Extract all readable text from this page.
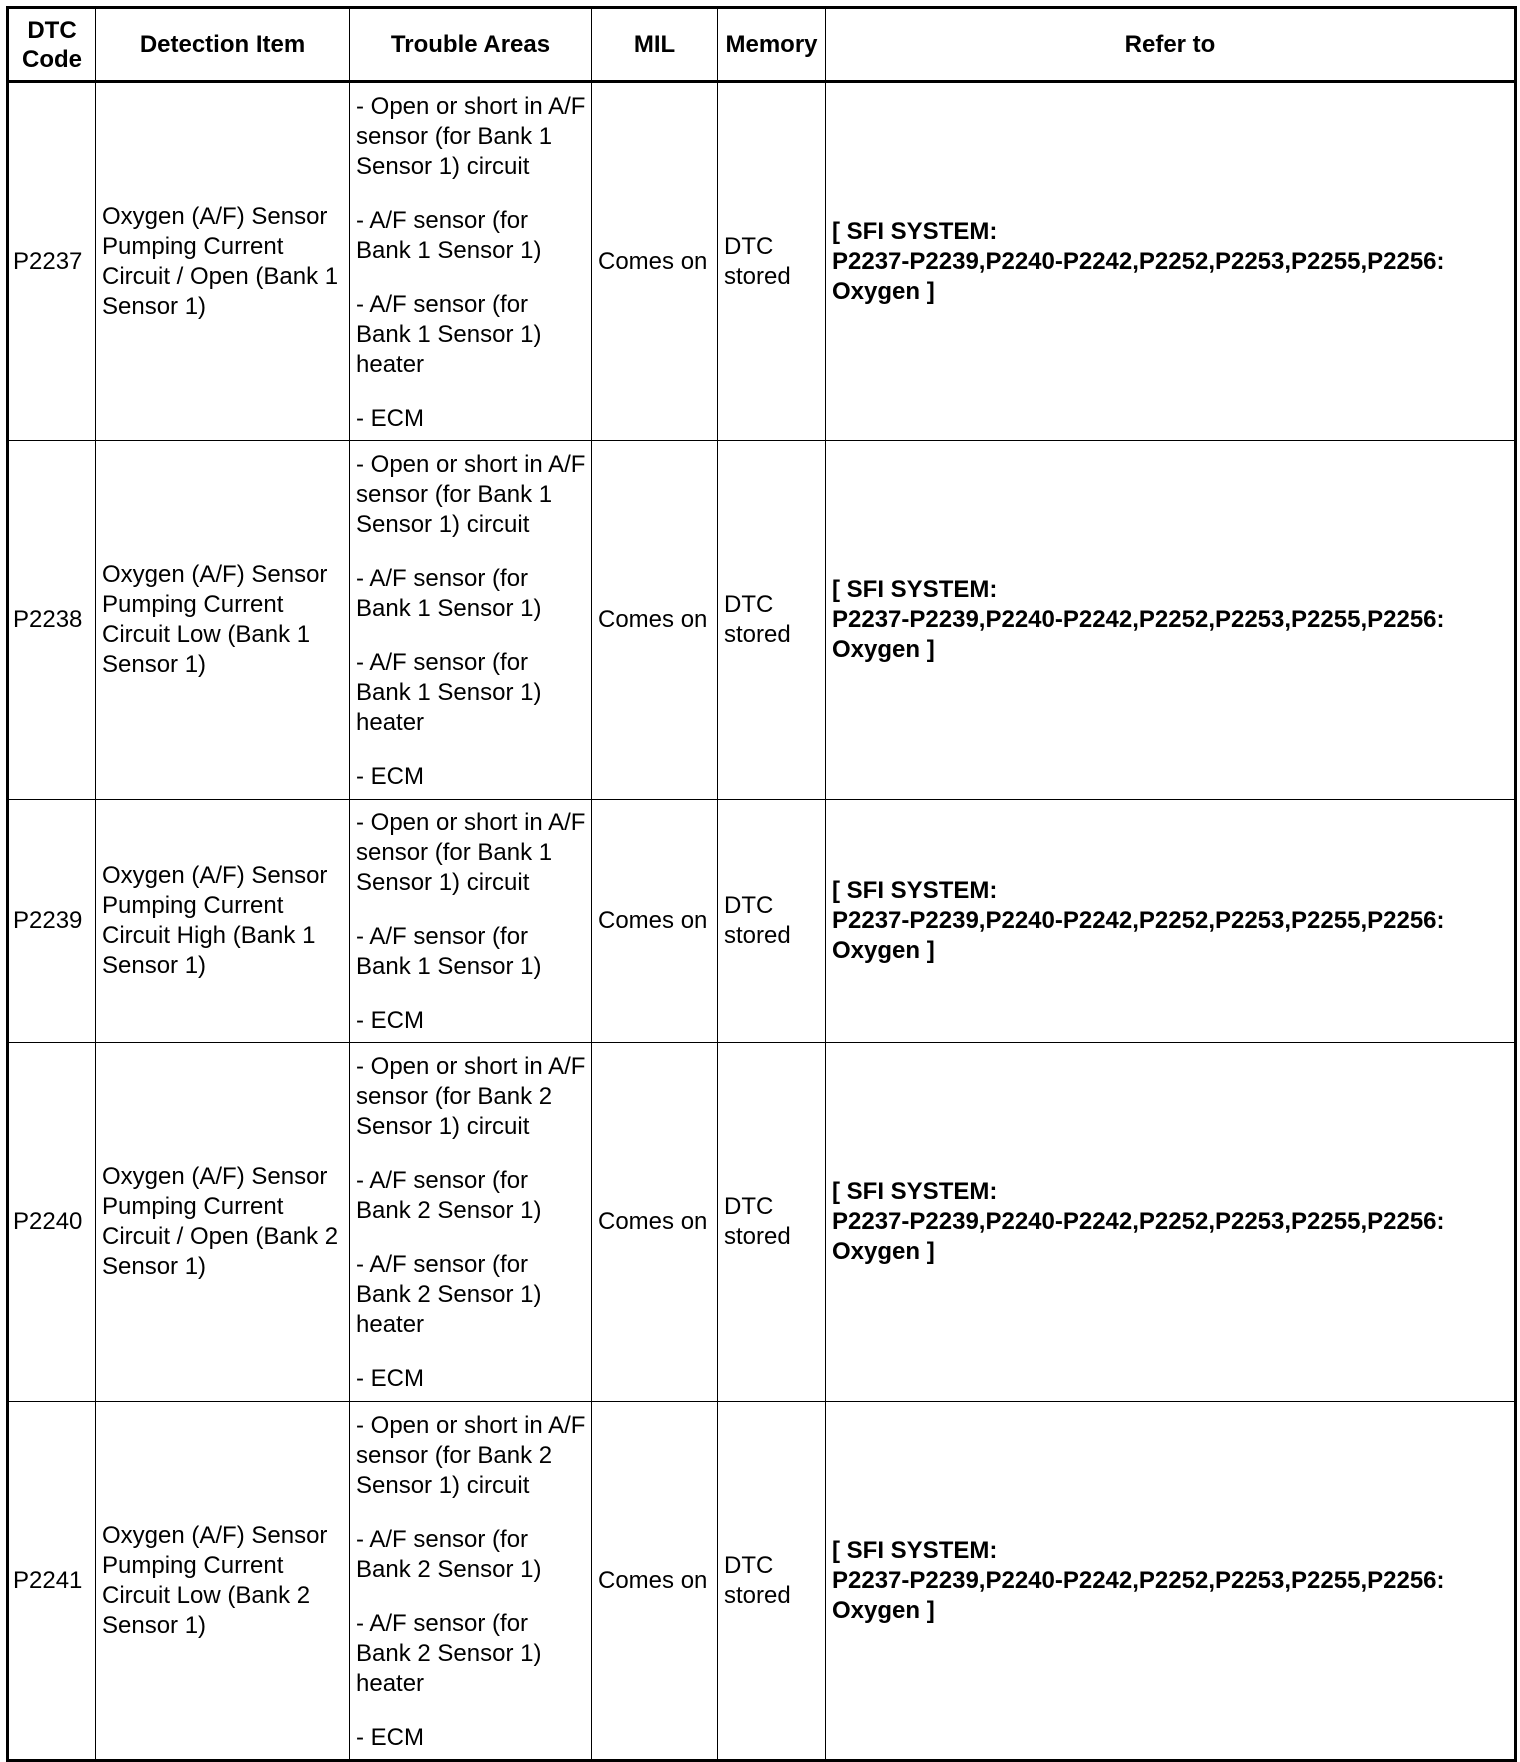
DTC Code	Detection Item	Trouble Areas	MIL	Memory	Refer to
P2237	Oxygen (A/F) Sensor Pumping Current Circuit / Open (Bank 1 Sensor 1)	- Open or short in A/F sensor (for Bank 1 Sensor 1) circuit
- A/F sensor (for Bank 1 Sensor 1)
- A/F sensor (for Bank 1 Sensor 1) heater
- ECM	Comes on	DTC stored	[ SFI SYSTEM:
P2237-P2239,P2240-P2242,P2252,P2253,P2255,P2256:
Oxygen ]

P2238	Oxygen (A/F) Sensor Pumping Current Circuit Low (Bank 1 Sensor 1)	- Open or short in A/F sensor (for Bank 1 Sensor 1) circuit
- A/F sensor (for Bank 1 Sensor 1)
- A/F sensor (for Bank 1 Sensor 1) heater
- ECM	Comes on	DTC stored	[ SFI SYSTEM:
P2237-P2239,P2240-P2242,P2252,P2253,P2255,P2256:
Oxygen ]

P2239	Oxygen (A/F) Sensor Pumping Current Circuit High (Bank 1 Sensor 1)	- Open or short in A/F sensor (for Bank 1 Sensor 1) circuit
- A/F sensor (for Bank 1 Sensor 1)
- ECM	Comes on	DTC stored	[ SFI SYSTEM:
P2237-P2239,P2240-P2242,P2252,P2253,P2255,P2256:
Oxygen ]

P2240	Oxygen (A/F) Sensor Pumping Current Circuit / Open (Bank 2 Sensor 1)	- Open or short in A/F sensor (for Bank 2 Sensor 1) circuit
- A/F sensor (for Bank 2 Sensor 1)
- A/F sensor (for Bank 2 Sensor 1) heater
- ECM	Comes on	DTC stored	[ SFI SYSTEM:
P2237-P2239,P2240-P2242,P2252,P2253,P2255,P2256:
Oxygen ]

P2241	Oxygen (A/F) Sensor Pumping Current Circuit Low (Bank 2 Sensor 1)	- Open or short in A/F sensor (for Bank 2 Sensor 1) circuit
- A/F sensor (for Bank 2 Sensor 1)
- A/F sensor (for Bank 2 Sensor 1) heater
- ECM	Comes on	DTC stored	[ SFI SYSTEM:
P2237-P2239,P2240-P2242,P2252,P2253,P2255,P2256:
Oxygen ]
